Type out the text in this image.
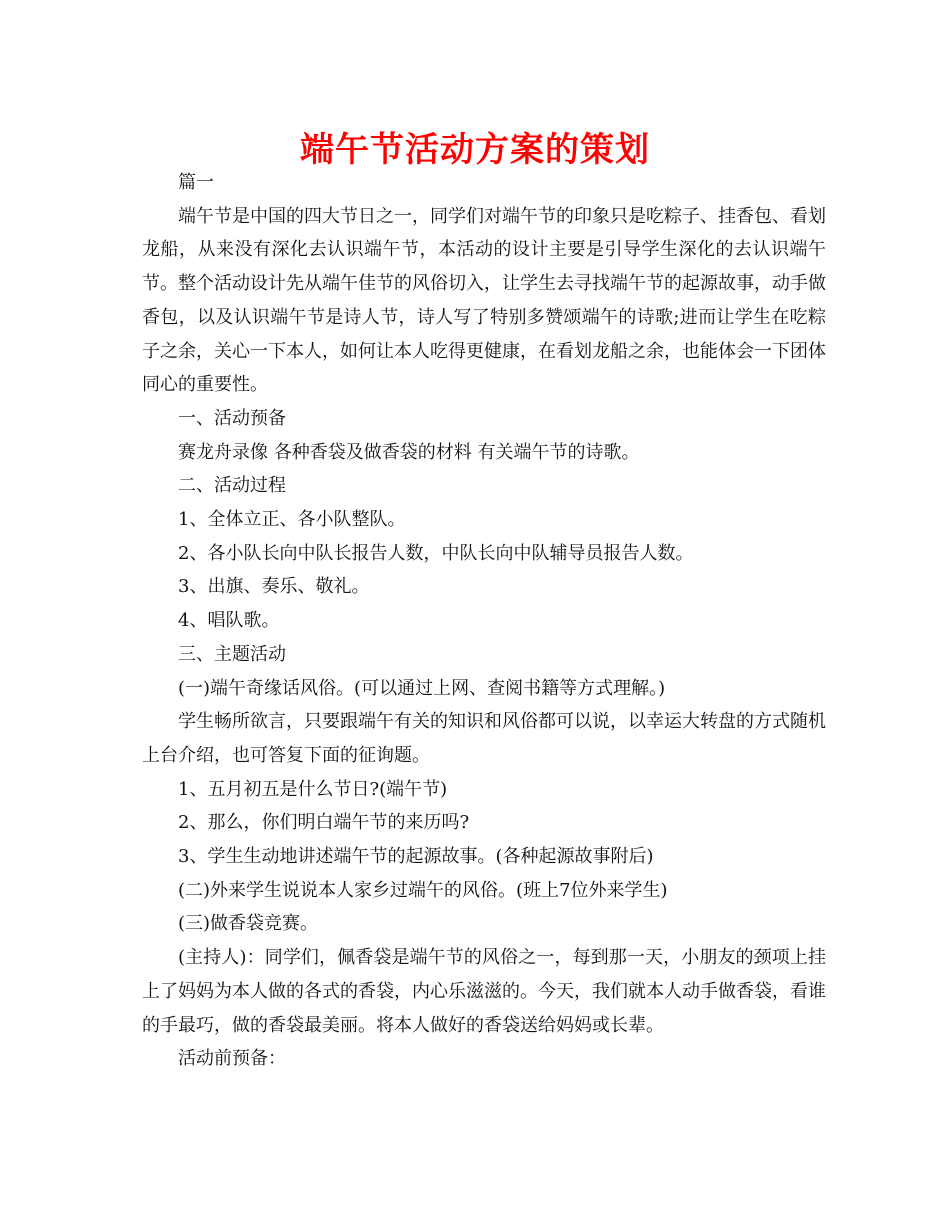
端午节活动方案的策划

篇一

端午节是中国的四大节日之一，同学们对端午节的印象只是吃粽子、挂香包、看划龙船，从来没有深化去认识端午节，本活动的设计主要是引导学生深化的去认识端午节。整个活动设计先从端午佳节的风俗切入，让学生去寻找端午节的起源故事，动手做香包，以及认识端午节是诗人节，诗人写了特别多赞颂端午的诗歌;进而让学生在吃粽子之余，关心一下本人，如何让本人吃得更健康，在看划龙船之余，也能体会一下团体同心的重要性。

一、活动预备

赛龙舟录像 各种香袋及做香袋的材料 有关端午节的诗歌。

二、活动过程

1、全体立正、各小队整队。

2、各小队长向中队长报告人数，中队长向中队辅导员报告人数。

3、出旗、奏乐、敬礼。

4、唱队歌。

三、主题活动

(一)端午奇缘话风俗。(可以通过上网、查阅书籍等方式理解。)

学生畅所欲言，只要跟端午有关的知识和风俗都可以说，以幸运大转盘的方式随机上台介绍，也可答复下面的征询题。

1、五月初五是什么节日?(端午节)

2、那么，你们明白端午节的来历吗?

3、学生生动地讲述端午节的起源故事。(各种起源故事附后)

(二)外来学生说说本人家乡过端午的风俗。(班上7位外来学生)

(三)做香袋竞赛。

(主持人)：同学们，佩香袋是端午节的风俗之一，每到那一天，小朋友的颈项上挂上了妈妈为本人做的各式的香袋，内心乐滋滋的。今天，我们就本人动手做香袋，看谁的手最巧，做的香袋最美丽。将本人做好的香袋送给妈妈或长辈。

活动前预备：
